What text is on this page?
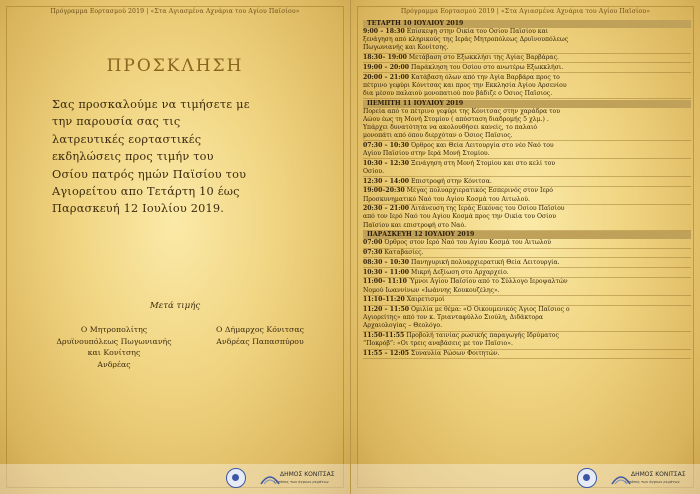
Πρόγραμμα Εορτασμού 2019 | «Στα Αγιασμένα Αχνάρια του Αγίου Παϊσίου»
ΠΡΟΣΚΛΗΣΗ
Σας προσκαλούμε να τιμήσετε με
την παρουσία σας τις
λατρευτικές εορταστικές
εκδηλώσεις προς τιμήν του
Οσίου πατρός ημών Παϊσίου του
Αγιορείτου απο Τετάρτη 10 έως
Παρασκευή 12 Ιουλίου 2019.
Μετά τιμής
Ο Μητροπολίτης
Δρυϊνουπόλεως Πωγωνιανής
και Κονίτσης
Ανδρέας
Ο Δήμαρχος Κόνιτσας
Ανδρέας Παπασπύρου
ΔΗΜΟΣ ΚΟΝΙΤΣΑΣ
Ο τόπος των άγριων ρεμάτων
Πρόγραμμα Εορτασμού 2019 | «Στα Αγιασμένα Αχνάρια του Αγίου Παϊσίου»
ΤΕΤΑΡΤΗ 10 ΙΟΥΛΙΟΥ 2019
9:00 – 18:30 Επίσκεψη στην Οικία του Οσίου Παϊσίου και
ξενάγηση από κληρικούς της Ιεράς Μητροπόλεως Δρυϊνουπόλεως
Πωγωνιανής και Κονίτσης.
18:30– 19:00 Μετάβαση στο Εξωκκλήσι της Αγίας Βαρβάρας.
19:00 – 20:00 Παράκληση του Οσίου στο ανωτέρω Εξωκκλήσι.
20:00 – 21:00 Κατάβαση όλων από την Αγία Βαρβάρα προς το
πέτρινο γεφύρι Κόνιτσας και προς την Εκκλησία Αγίου Αρσενίου
δια μέσου παλαιού μονοπατιού που βάδιζε ο Όσιος Παΐσιος.
ΠΕΜΠΤΗ 11 ΙΟΥΛΙΟΥ 2019
Πορεία από το πέτρινο γεφύρι της Κόνιτσας στην χαράδρα του
Αώου έως τη Μονή Στομίου ( απόσταση διαδρομής 5 χλμ.) .
Υπάρχει δυνατότητα να ακολουθήσει κανείς, το παλαιό
μονοπάτι από όπου διερχόταν ο Όσιος Παΐσιος.
07:30 – 10:30 Όρθρος και Θεία Λειτουργία στο νέο Ναό του
Αγίου Παϊσίου στην Ιερά Μονή Στομίου.
10:30 – 12:30 Ξενάγηση στη Μονή Στομίου και στο κελί του
Οσίου.
12:30 – 14:00 Επιστροφή στην Κόνιτσα.
19:00–20:30 Μέγας πολυαρχιερατικός Εσπερινός στον Ιερό
Προσκυνηματικό Ναό του Αγίου Κοσμά του Αιτωλού.
20:30 – 21:00 Λιτάνευση της Ιεράς Εικόνας του Οσίου Παϊσίου
από τον Ιερό Ναό του Αγίου Κοσμά προς την Οικία του Οσίου
Παϊσίου και επιστροφή στο Ναό.
ΠΑΡΑΣΚΕΥΗ 12 ΙΟΥΛΙΟΥ 2019
07:00 Όρθρος στον Ιερό Ναό του Αγίου Κοσμά του Αιτωλού
07:30 Καταβασίες.
08:30 – 10:30 Πανηγυρική πολυαρχιερατική Θεία Λειτουργία.
10:30 – 11:00 Μικρή Δεξίωση στο Αρχαρχείο.
11:00– 11:10 Ύμνοι Αγίου Παϊσίου από το Σύλλογο Ιεροψαλτών
Νομού Ιωαννίνων «Ιωάννης Κουκουζέλης».
11:10–11:20 Χαιρετισμοί
11:20 – 11:50 Ομιλία με θέμα: «Ο Οικουμενικός Άγιος Παΐσιος ο
Αγιορείτης» από τον κ. Τριανταφύλλο Σιούλη, Διδάκτορα
Αρχαιολογίας – Θεολόγο.
11:50-11:55 Προβολή ταινίας ρωσικής παραγωγής Ιδρύματος
“Ποκρόβ”: «Οι τρεις αναβάσεις με τον Παΐσιο».
11:55 – 12:05 Συναυλία Ρώσων Φοιτητών.
ΔΗΜΟΣ ΚΟΝΙΤΣΑΣ
Ο τόπος των άγριων ρεμάτων
